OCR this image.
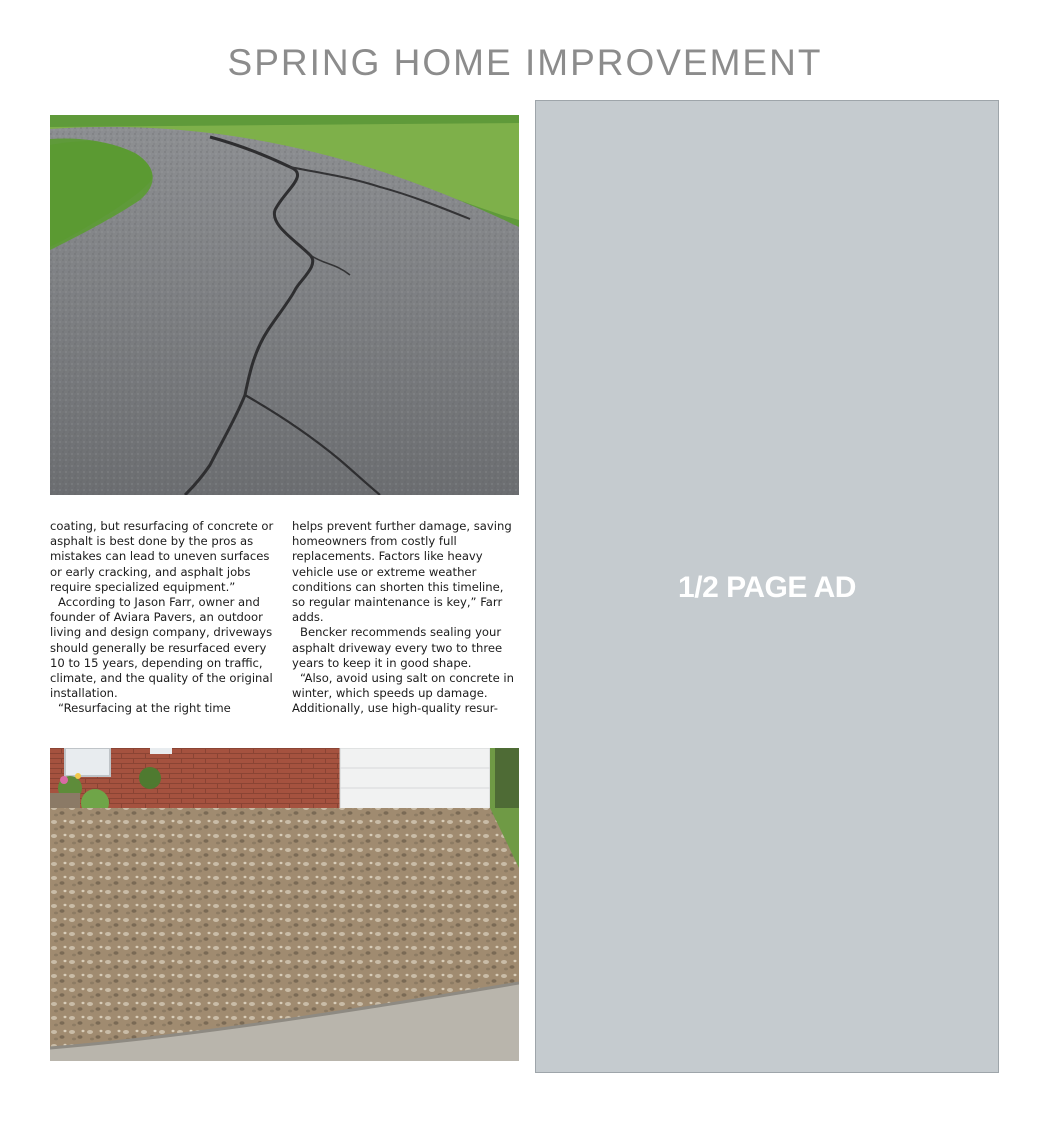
SPRING HOME IMPROVEMENT

coating, but resurfacing of concrete or asphalt is best done by the pros as mistakes can lead to uneven surfaces or early cracking, and asphalt jobs require specialized equipment.”

According to Jason Farr, owner and founder of Aviara Pavers, an outdoor living and design company, driveways should generally be resurfaced every 10 to 15 years, depending on traffic, climate, and the quality of the original installation.

“Resurfacing at the right time

helps prevent further damage, saving homeowners from costly full replacements. Factors like heavy vehicle use or extreme weather conditions can shorten this timeline, so regular maintenance is key,” Farr adds.

Bencker recommends sealing your asphalt driveway every two to three years to keep it in good shape.

“Also, avoid using salt on concrete in winter, which speeds up damage. Additionally, use high-quality resur-

1/2 PAGE AD
